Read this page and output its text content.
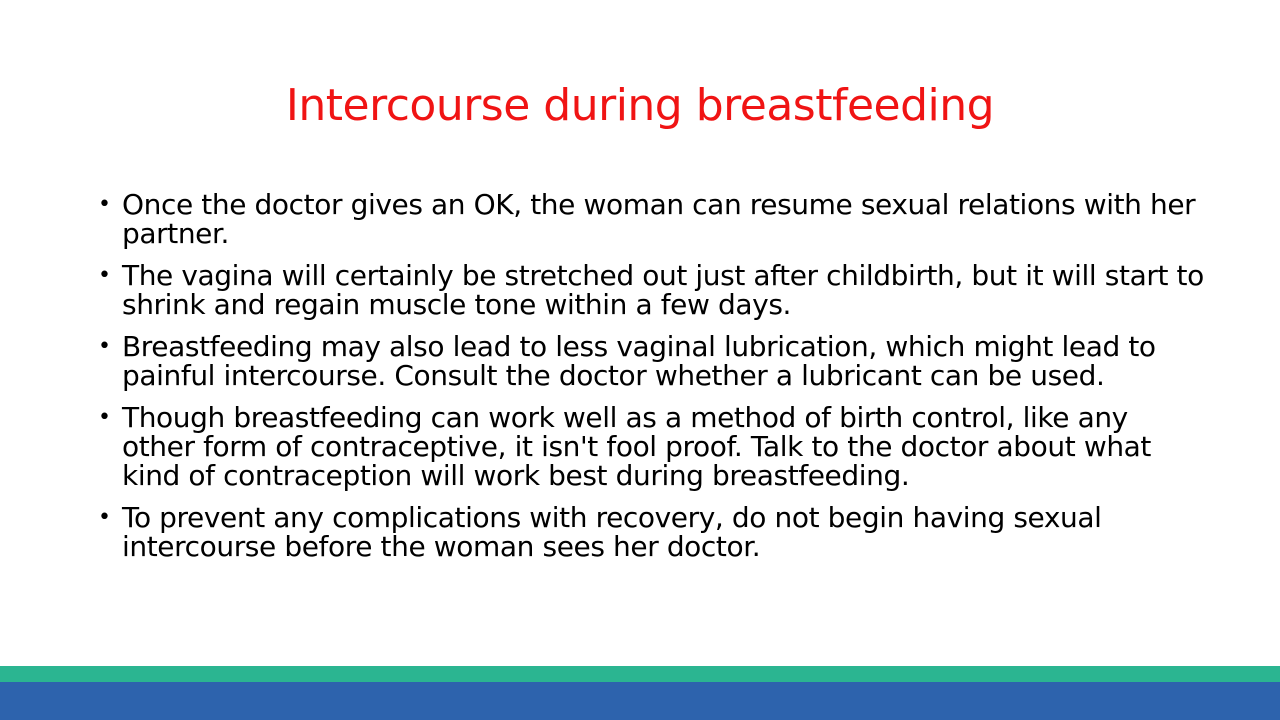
Intercourse during breastfeeding
• Once the doctor gives an OK, the woman can resume sexual relations with her partner.
• The vagina will certainly be stretched out just after childbirth, but it will start to shrink and regain muscle tone within a few days.
• Breastfeeding may also lead to less vaginal lubrication, which might lead to painful intercourse. Consult the doctor whether a lubricant can be used.
• Though breastfeeding can work well as a method of birth control, like any other form of contraceptive, it isn't fool proof. Talk to the doctor about what kind of contraception will work best during breastfeeding.
• To prevent any complications with recovery, do not begin having sexual intercourse before the woman sees her doctor.
